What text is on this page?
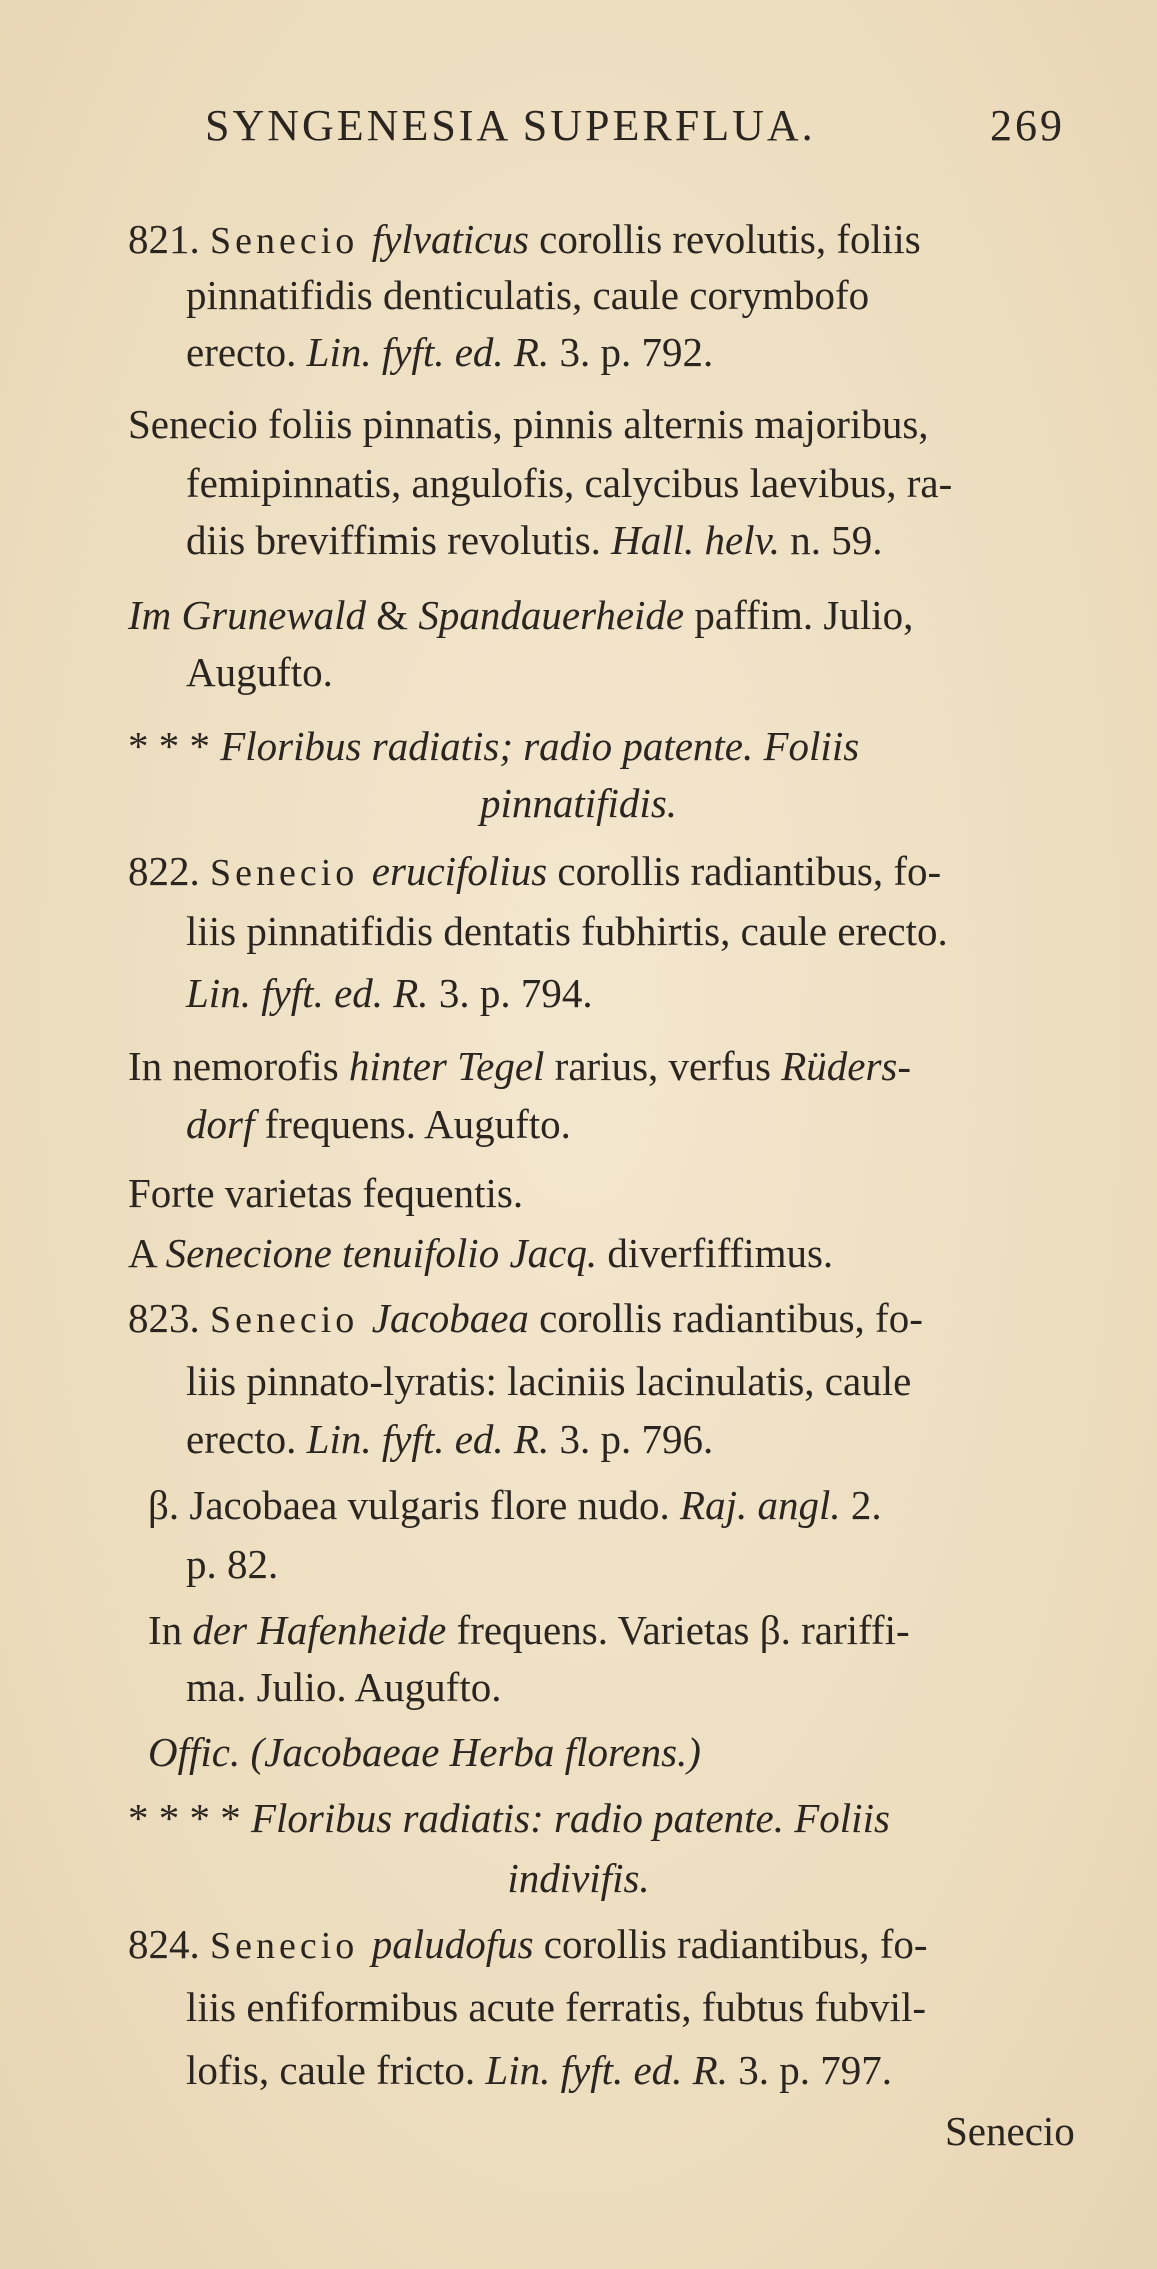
SYNGENESIA SUPERFLUA.	269
821. Senecio fylvaticus corollis revolutis, foliis
pinnatifidis denticulatis, caule corymbofo
erecto. Lin. fyft. ed. R. 3. p. 792.
Senecio foliis pinnatis, pinnis alternis majoribus,
femipinnatis, angulofis, calycibus laevibus, ra-
diis breviffimis revolutis. Hall. helv. n. 59.
Im Grunewald & Spandauerheide paffim. Julio,
Augufto.
* * * Floribus radiatis; radio patente. Foliis
pinnatifidis.
822. Senecio erucifolius corollis radiantibus, fo-
liis pinnatifidis dentatis fubhirtis, caule erecto.
Lin. fyft. ed. R. 3. p. 794.
In nemorofis hinter Tegel rarius, verfus Rüders-
dorf frequens. Augufto.
Forte varietas fequentis.
A Senecione tenuifolio Jacq. diverfiffimus.
823. Senecio Jacobaea corollis radiantibus, fo-
liis pinnato-lyratis: laciniis lacinulatis, caule
erecto. Lin. fyft. ed. R. 3. p. 796.
β. Jacobaea vulgaris flore nudo. Raj. angl. 2.
p. 82.
In der Hafenheide frequens. Varietas β. rariffi-
ma. Julio. Augufto.
Offic. (Jacobaeae Herba florens.)
* * * * Floribus radiatis: radio patente. Foliis
indivifis.
824. Senecio paludofus corollis radiantibus, fo-
liis enfiformibus acute ferratis, fubtus fubvil-
lofis, caule fricto. Lin. fyft. ed. R. 3. p. 797.
Senecio
